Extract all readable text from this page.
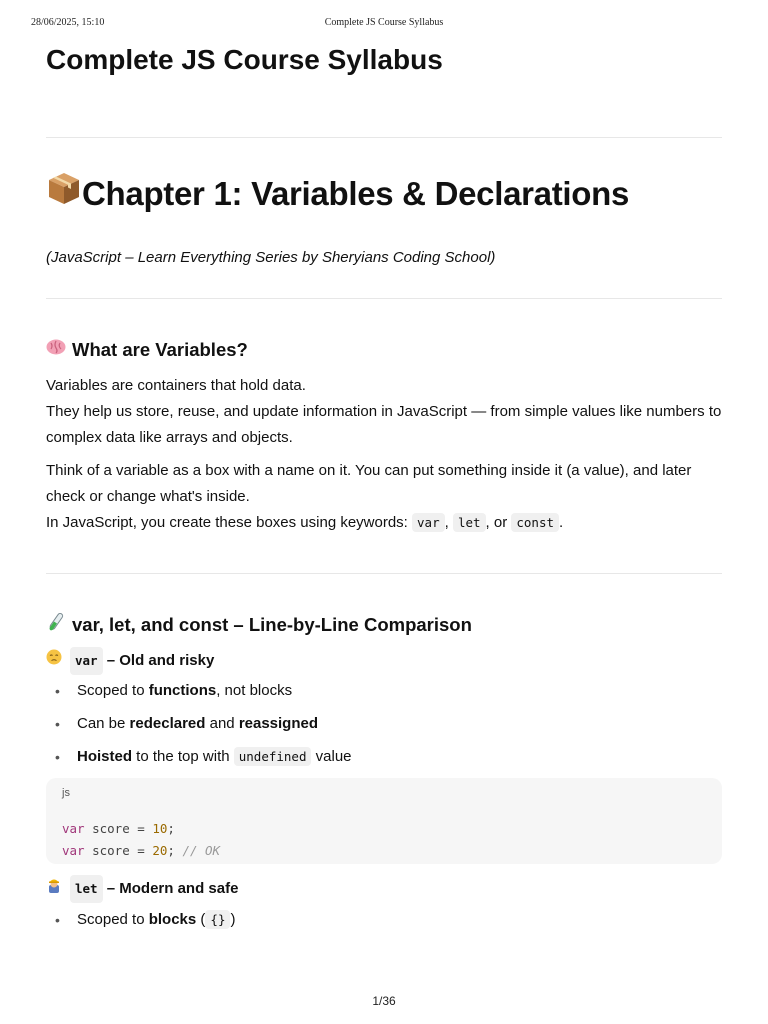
28/06/2025, 15:10	Complete JS Course Syllabus
Complete JS Course Syllabus
Chapter 1: Variables & Declarations
(JavaScript – Learn Everything Series by Sheryians Coding School)
What are Variables?

Variables are containers that hold data.
They help us store, reuse, and update information in JavaScript — from simple values like numbers to complex data like arrays and objects.

Think of a variable as a box with a name on it. You can put something inside it (a value), and later check or change what's inside.
In JavaScript, you create these boxes using keywords: var , let , or const .

var, let, and const – Line-by-Line Comparison
var – Old and risky
• Scoped to functions, not blocks
• Can be redeclared and reassigned
• Hoisted to the top with undefined value
js
var score = 10;
var score = 20; // OK
let – Modern and safe
• Scoped to blocks ( {} )
1/36
